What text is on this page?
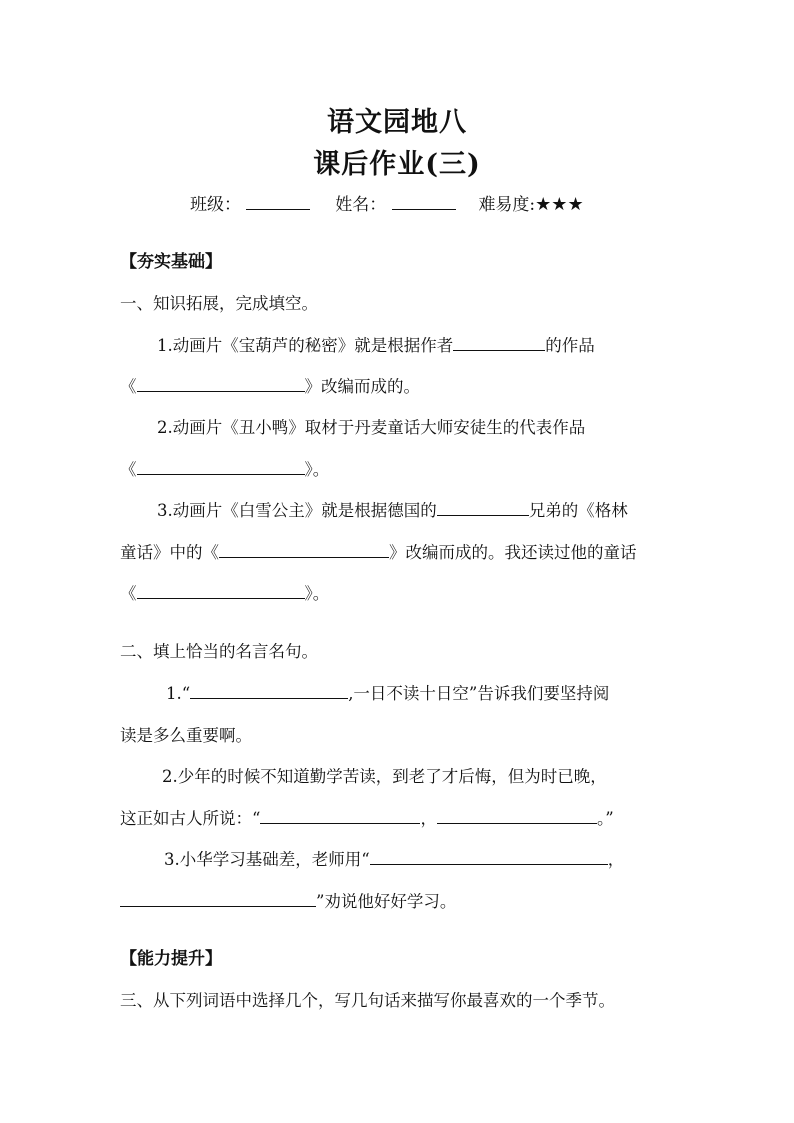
语文园地八
课后作业(三)
班级：	姓名：	难易度:★★★
【夯实基础】
一、知识拓展，完成填空。
1.动画片《宝葫芦的秘密》就是根据作者	的作品
《	》改编而成的。
2.动画片《丑小鸭》取材于丹麦童话大师安徒生的代表作品
《	》。
3.动画片《白雪公主》就是根据德国的	兄弟的《格林
童话》中的《	》改编而成的。我还读过他的童话
《	》。
二、填上恰当的名言名句。
1.“	,一日不读十日空”告诉我们要坚持阅
读是多么重要啊。
2.少年的时候不知道勤学苦读，到老了才后悔，但为时已晚，
这正如古人所说：“	，	。”
3.小华学习基础差，老师用“	，
”劝说他好好学习。
【能力提升】
三、从下列词语中选择几个，写几句话来描写你最喜欢的一个季节。
